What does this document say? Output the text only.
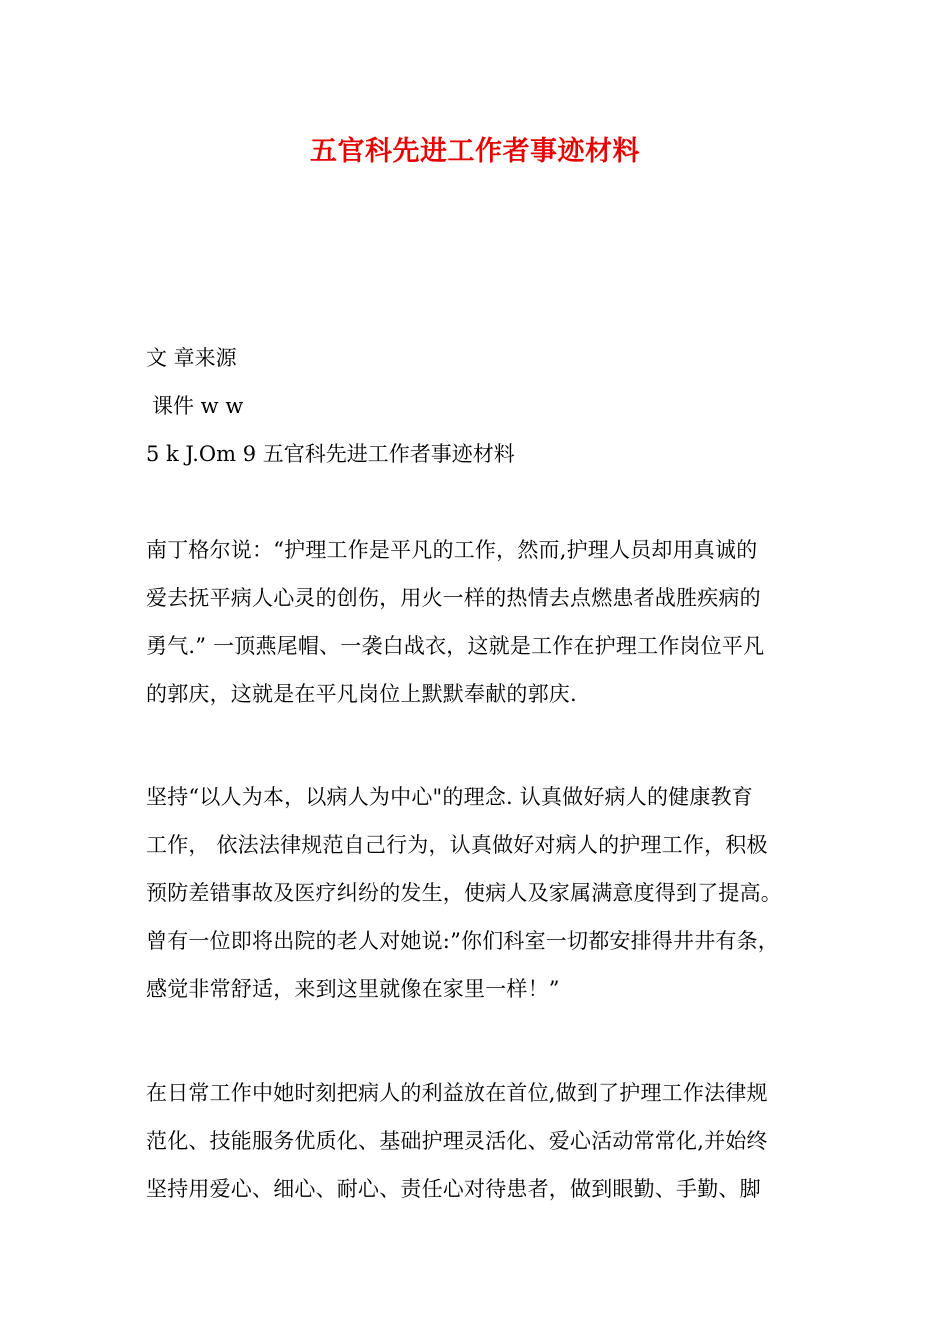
五官科先进工作者事迹材料
文 章来源
课件 w w
5 k J.Om 9 五官科先进工作者事迹材料
南丁格尔说：“护理工作是平凡的工作，然而,护理人员却用真诚的
爱去抚平病人心灵的创伤，用火一样的热情去点燃患者战胜疾病的
勇气.” 一顶燕尾帽、一袭白战衣，这就是工作在护理工作岗位平凡
的郭庆，这就是在平凡岗位上默默奉献的郭庆.
坚持“以人为本，以病人为中心"的理念. 认真做好病人的健康教育
工作， 依法法律规范自己行为，认真做好对病人的护理工作，积极
预防差错事故及医疗纠纷的发生，使病人及家属满意度得到了提高。
曾有一位即将出院的老人对她说:”你们科室一切都安排得井井有条，
感觉非常舒适，来到这里就像在家里一样！”
在日常工作中她时刻把病人的利益放在首位,做到了护理工作法律规
范化、技能服务优质化、基础护理灵活化、爱心活动常常化,并始终
坚持用爱心、细心、耐心、责任心对待患者，做到眼勤、手勤、脚
